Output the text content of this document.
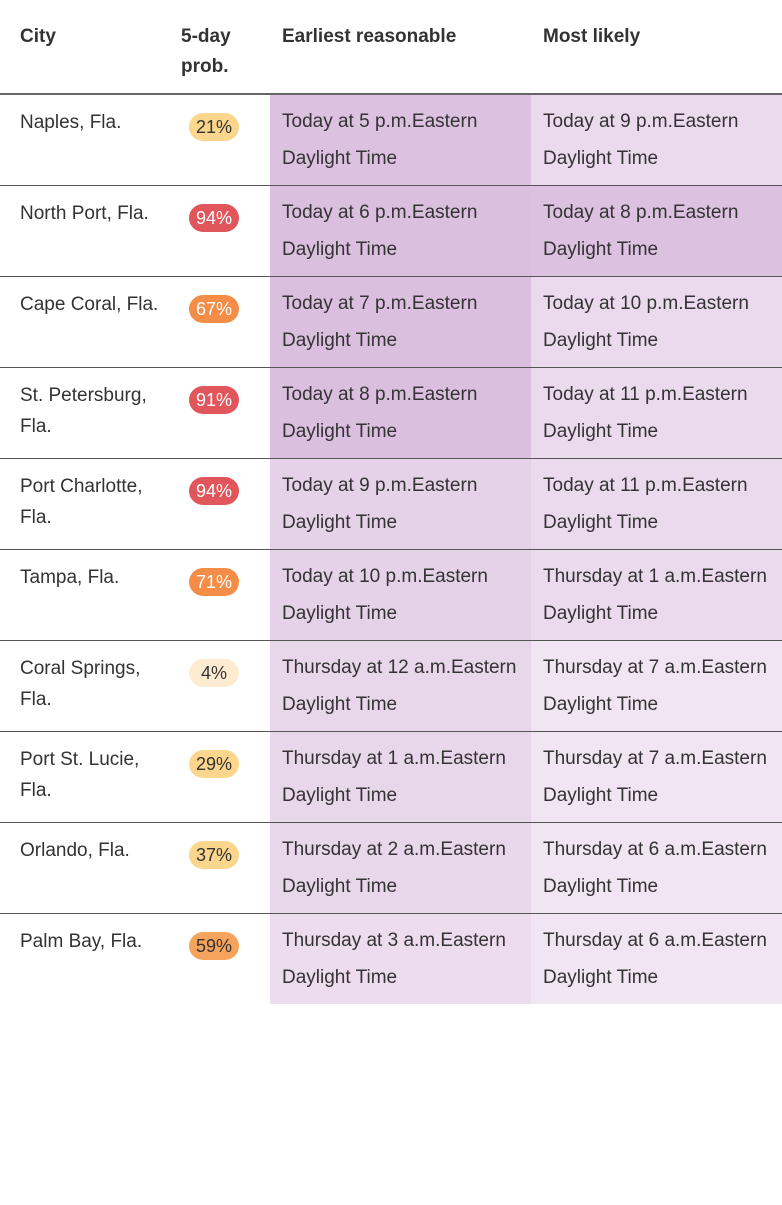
City	5-day prob.	Earliest reasonable	Most likely
Naples, Fla.	21%	Today at 5 p.m.Eastern Daylight Time	Today at 9 p.m.Eastern Daylight Time
North Port, Fla.	94%	Today at 6 p.m.Eastern Daylight Time	Today at 8 p.m.Eastern Daylight Time
Cape Coral, Fla.	67%	Today at 7 p.m.Eastern Daylight Time	Today at 10 p.m.Eastern Daylight Time
St. Petersburg, Fla.	91%	Today at 8 p.m.Eastern Daylight Time	Today at 11 p.m.Eastern Daylight Time
Port Charlotte, Fla.	94%	Today at 9 p.m.Eastern Daylight Time	Today at 11 p.m.Eastern Daylight Time
Tampa, Fla.	71%	Today at 10 p.m.Eastern Daylight Time	Thursday at 1 a.m.Eastern Daylight Time
Coral Springs, Fla.	4%	Thursday at 12 a.m.Eastern Daylight Time	Thursday at 7 a.m.Eastern Daylight Time
Port St. Lucie, Fla.	29%	Thursday at 1 a.m.Eastern Daylight Time	Thursday at 7 a.m.Eastern Daylight Time
Orlando, Fla.	37%	Thursday at 2 a.m.Eastern Daylight Time	Thursday at 6 a.m.Eastern Daylight Time
Palm Bay, Fla.	59%	Thursday at 3 a.m.Eastern Daylight Time	Thursday at 6 a.m.Eastern Daylight Time
